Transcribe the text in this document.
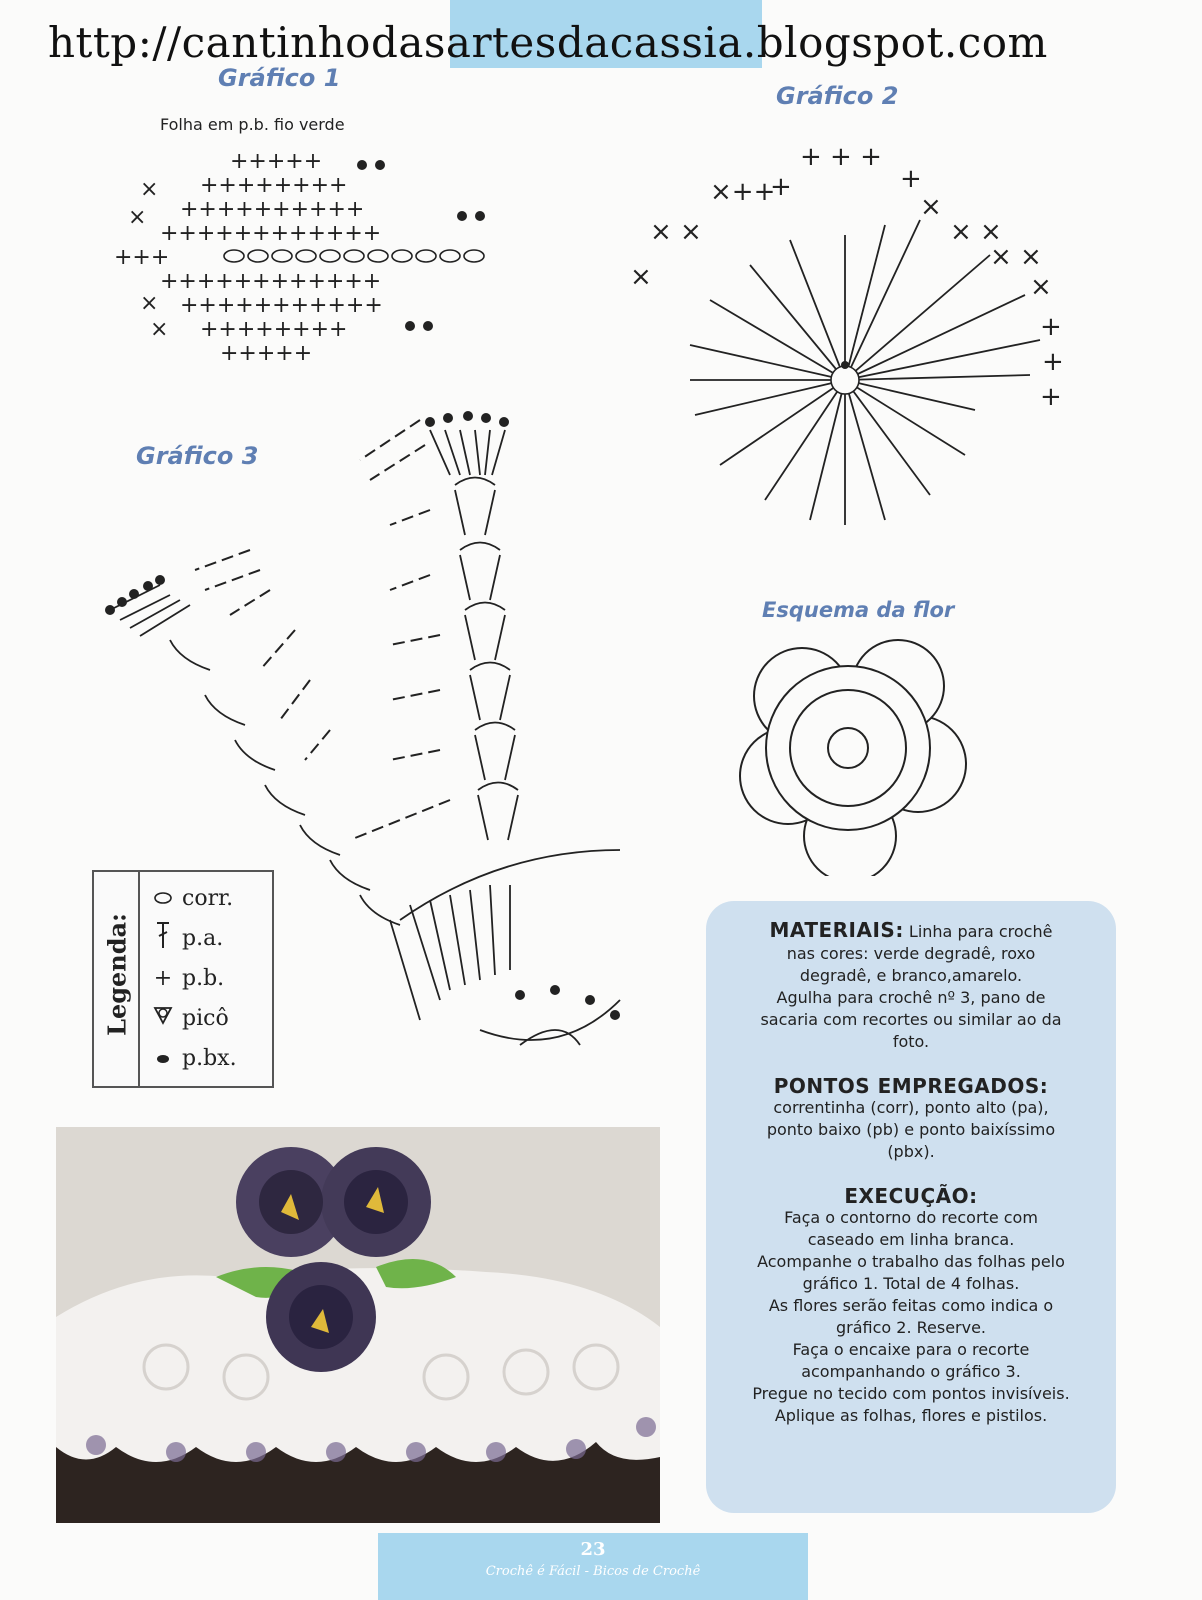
http://cantinhodasartesdacassia.blogspot.com
Gráfico 1
Folha em p.b. fio verde
+++++
++++++++
++++++++++
++++++++++++
+++
++++++++++++
+++++++++++
++++++++
+++++
×
×
×
×
Gráfico 2
+ + +
+	+
×
×++
× ×
×
× ×
× ×
×
+
+
+
Gráfico 3
Esquema da flor
Legenda:
corr.
p.a.
+ p.b.
picô
p.bx.

MATERIAIS: Linha para crochê

nas cores: verde degradê, roxo

degradê, e branco,amarelo.

Agulha para crochê nº 3, pano de

sacaria com recortes ou similar ao da

foto.

PONTOS EMPREGADOS:

correntinha (corr), ponto alto (pa),

ponto baixo (pb) e ponto baixíssimo

(pbx).

EXECUÇÃO:

Faça o contorno do recorte com

caseado em linha branca.

Acompanhe o trabalho das folhas pelo

gráfico 1. Total de 4 folhas.

As flores serão feitas como indica o

gráfico 2. Reserve.

Faça o encaixe para o recorte

acompanhando o gráfico 3.

Pregue no tecido com pontos invisíveis.

Aplique as folhas, flores e pistilos.

23
Crochê é Fácil - Bicos de Crochê
